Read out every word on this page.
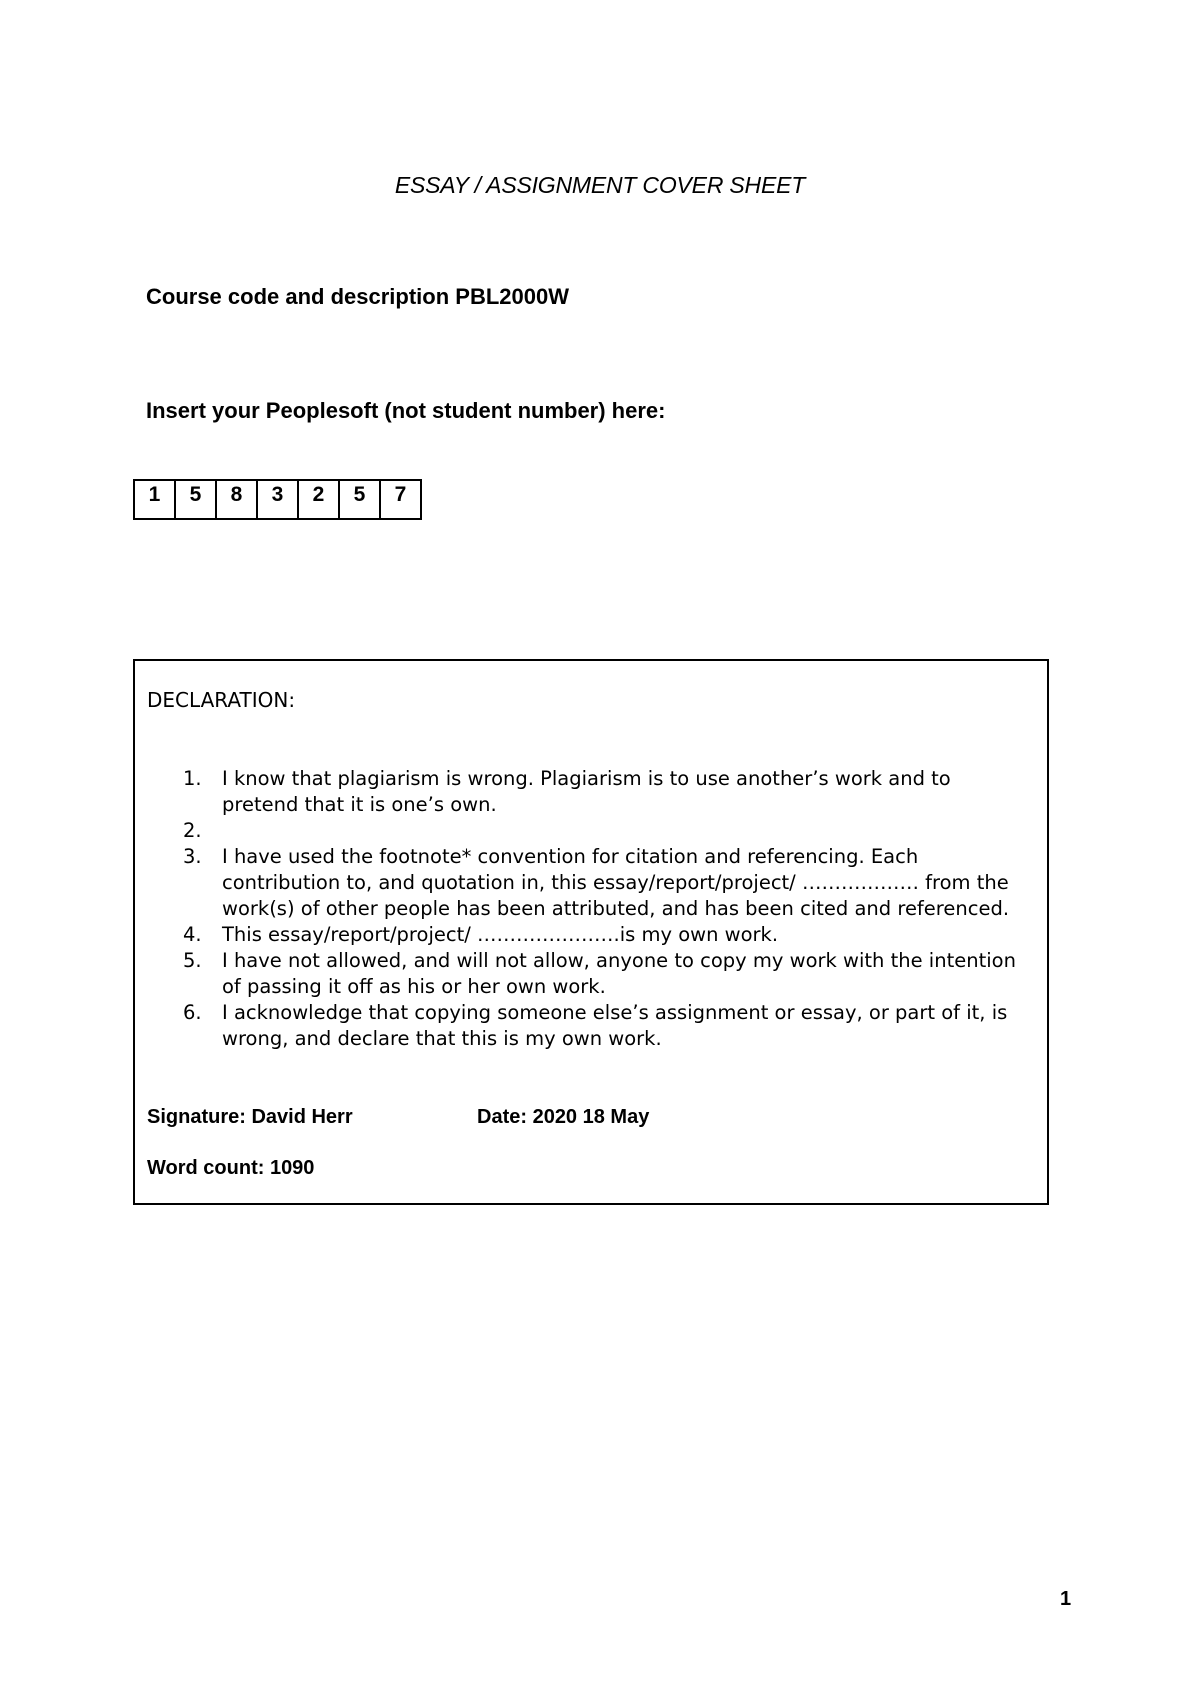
ESSAY / ASSIGNMENT COVER SHEET
Course code and description PBL2000W
Insert your Peoplesoft (not student number) here:
1	5	8	3	2	5	7
DECLARATION:
1. I know that plagiarism is wrong. Plagiarism is to use another’s work and to pretend that it is one’s own.
2.
3. I have used the footnote* convention for citation and referencing. Each contribution to, and quotation in, this essay/report/project/ ……………… from the work(s) of other people has been attributed, and has been cited and referenced.
4. This essay/report/project/ ………………….is my own work.
5. I have not allowed, and will not allow, anyone to copy my work with the intention of passing it off as his or her own work.
6. I acknowledge that copying someone else’s assignment or essay, or part of it, is wrong, and declare that this is my own work.
Signature: David Herr	Date: 2020 18 May
Word count: 1090
1
